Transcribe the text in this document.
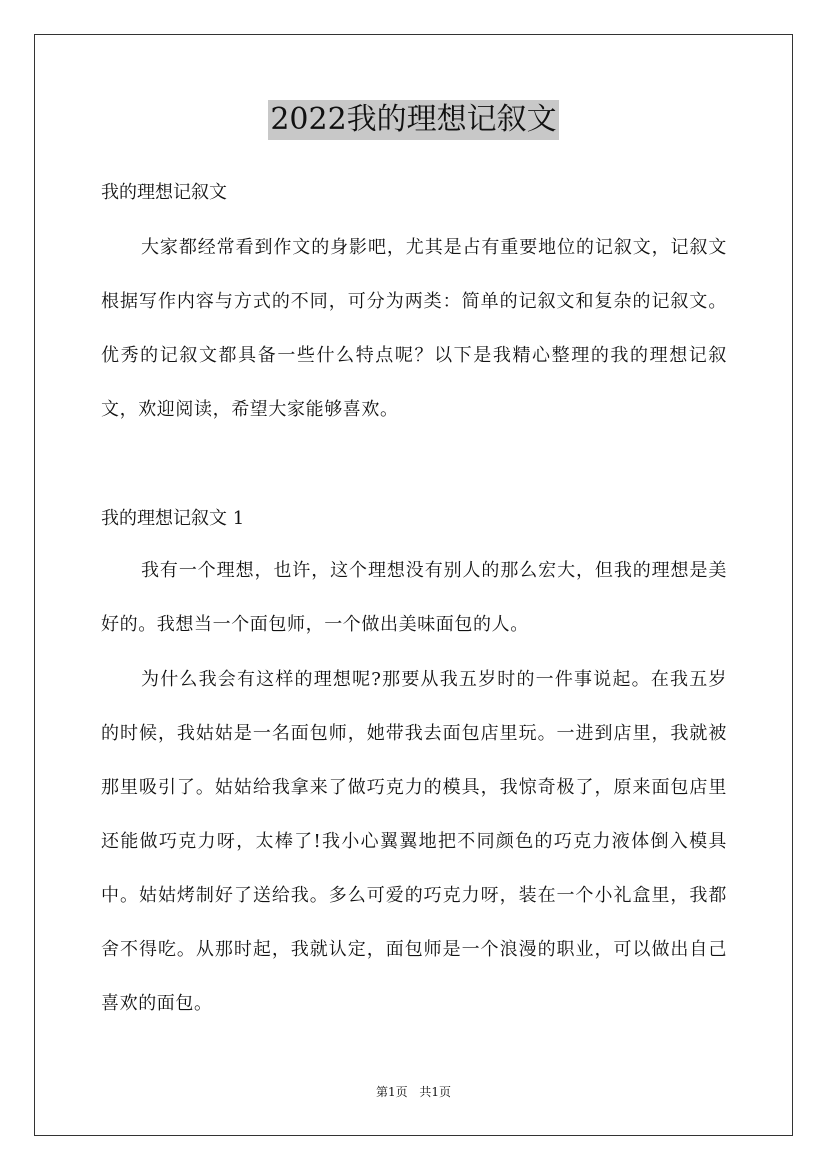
2022我的理想记叙文
我的理想记叙文
大家都经常看到作文的身影吧，尤其是占有重要地位的记叙文，记叙文根据写作内容与方式的不同，可分为两类：简单的记叙文和复杂的记叙文。优秀的记叙文都具备一些什么特点呢？以下是我精心整理的我的理想记叙文，欢迎阅读，希望大家能够喜欢。
我的理想记叙文 1
我有一个理想，也许，这个理想没有别人的那么宏大，但我的理想是美好的。我想当一个面包师，一个做出美味面包的人。
为什么我会有这样的理想呢?那要从我五岁时的一件事说起。在我五岁的时候，我姑姑是一名面包师，她带我去面包店里玩。一进到店里，我就被那里吸引了。姑姑给我拿来了做巧克力的模具，我惊奇极了，原来面包店里还能做巧克力呀，太棒了!我小心翼翼地把不同颜色的巧克力液体倒入模具中。姑姑烤制好了送给我。多么可爱的巧克力呀，装在一个小礼盒里，我都舍不得吃。从那时起，我就认定，面包师是一个浪漫的职业，可以做出自己喜欢的面包。
第1页 共1页
